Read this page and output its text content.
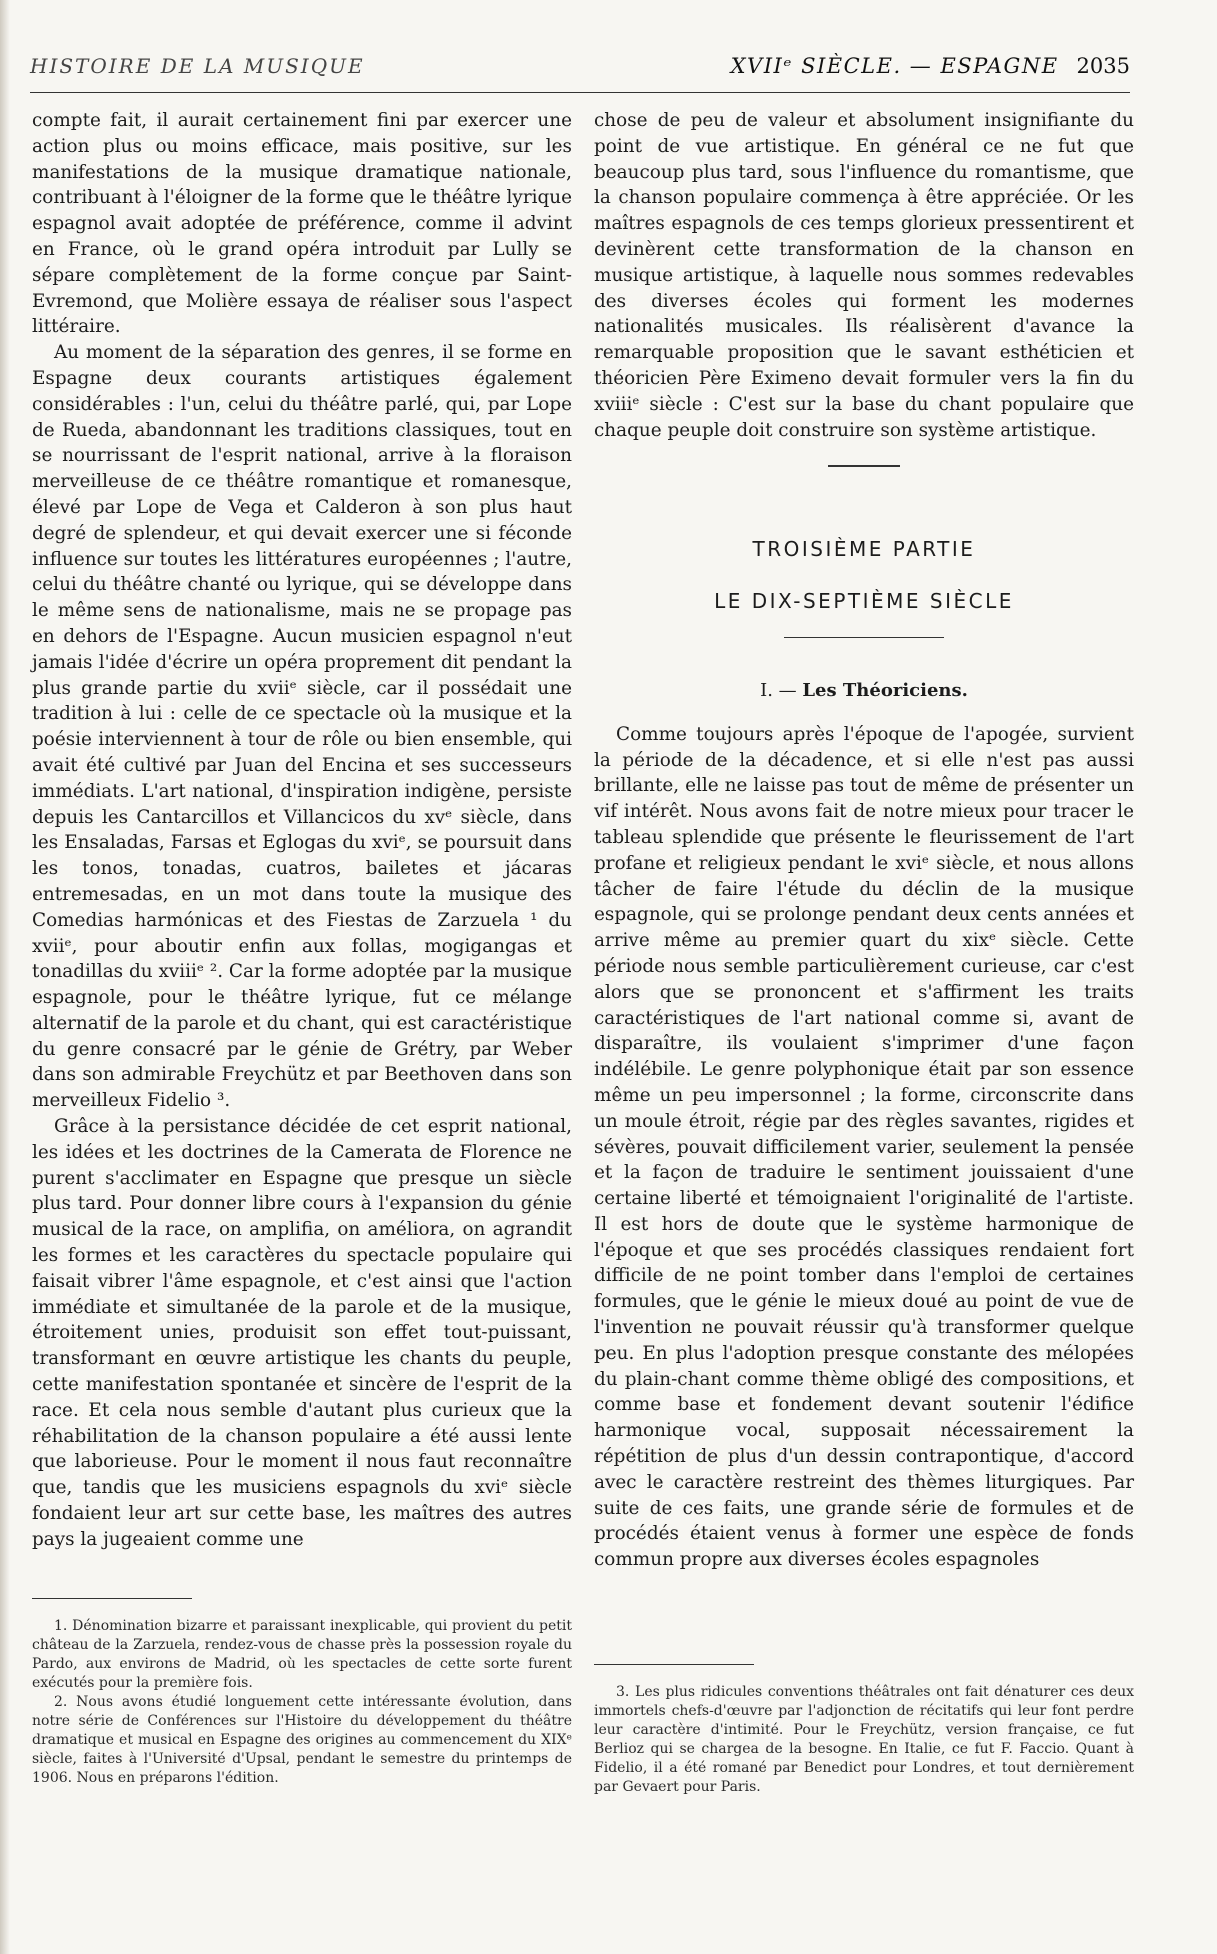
HISTOIRE DE LA MUSIQUE	XVIIᵉ SIÈCLE. — ESPAGNE 2035

compte fait, il aurait certainement fini par exercer une action plus ou moins efficace, mais positive, sur les manifestations de la musique dramatique nationale, contribuant à l'éloigner de la forme que le théâtre lyrique espagnol avait adoptée de préférence, comme il advint en France, où le grand opéra introduit par Lully se sépare complètement de la forme conçue par Saint-Evremond, que Molière essaya de réaliser sous l'aspect littéraire.

Au moment de la séparation des genres, il se forme en Espagne deux courants artistiques également considérables : l'un, celui du théâtre parlé, qui, par Lope de Rueda, abandonnant les traditions classiques, tout en se nourrissant de l'esprit national, arrive à la floraison merveilleuse de ce théâtre romantique et romanesque, élevé par Lope de Vega et Calderon à son plus haut degré de splendeur, et qui devait exercer une si féconde influence sur toutes les littératures européennes ; l'autre, celui du théâtre chanté ou lyrique, qui se développe dans le même sens de nationalisme, mais ne se propage pas en dehors de l'Espagne. Aucun musicien espagnol n'eut jamais l'idée d'écrire un opéra proprement dit pendant la plus grande partie du xviiᵉ siècle, car il possédait une tradition à lui : celle de ce spectacle où la musique et la poésie interviennent à tour de rôle ou bien ensemble, qui avait été cultivé par Juan del Encina et ses successeurs immédiats. L'art national, d'inspiration indigène, persiste depuis les Cantarcillos et Villancicos du xvᵉ siècle, dans les Ensaladas, Farsas et Eglogas du xviᵉ, se poursuit dans les tonos, tonadas, cuatros, bailetes et jácaras entremesadas, en un mot dans toute la musique des Comedias harmónicas et des Fiestas de Zarzuela ¹ du xviiᵉ, pour aboutir enfin aux follas, mogigangas et tonadillas du xviiiᵉ ². Car la forme adoptée par la musique espagnole, pour le théâtre lyrique, fut ce mélange alternatif de la parole et du chant, qui est caractéristique du genre consacré par le génie de Grétry, par Weber dans son admirable Freychütz et par Beethoven dans son merveilleux Fidelio ³.

Grâce à la persistance décidée de cet esprit national, les idées et les doctrines de la Camerata de Florence ne purent s'acclimater en Espagne que presque un siècle plus tard. Pour donner libre cours à l'expansion du génie musical de la race, on amplifia, on améliora, on agrandit les formes et les caractères du spectacle populaire qui faisait vibrer l'âme espagnole, et c'est ainsi que l'action immédiate et simultanée de la parole et de la musique, étroitement unies, produisit son effet tout-puissant, transformant en œuvre artistique les chants du peuple, cette manifestation spontanée et sincère de l'esprit de la race. Et cela nous semble d'autant plus curieux que la réhabilitation de la chanson populaire a été aussi lente que laborieuse. Pour le moment il nous faut reconnaître que, tandis que les musiciens espagnols du xviᵉ siècle fondaient leur art sur cette base, les maîtres des autres pays la jugeaient comme une

chose de peu de valeur et absolument insignifiante du point de vue artistique. En général ce ne fut que beaucoup plus tard, sous l'influence du romantisme, que la chanson populaire commença à être appréciée. Or les maîtres espagnols de ces temps glorieux pressentirent et devinèrent cette transformation de la chanson en musique artistique, à laquelle nous sommes redevables des diverses écoles qui forment les modernes nationalités musicales. Ils réalisèrent d'avance la remarquable proposition que le savant esthéticien et théoricien Père Eximeno devait formuler vers la fin du xviiiᵉ siècle : C'est sur la base du chant populaire que chaque peuple doit construire son système artistique.

TROISIÈME PARTIE
LE DIX-SEPTIÈME SIÈCLE
I. — Les Théoriciens.

Comme toujours après l'époque de l'apogée, survient la période de la décadence, et si elle n'est pas aussi brillante, elle ne laisse pas tout de même de présenter un vif intérêt. Nous avons fait de notre mieux pour tracer le tableau splendide que présente le fleurissement de l'art profane et religieux pendant le xviᵉ siècle, et nous allons tâcher de faire l'étude du déclin de la musique espagnole, qui se prolonge pendant deux cents années et arrive même au premier quart du xixᵉ siècle. Cette période nous semble particulièrement curieuse, car c'est alors que se prononcent et s'affirment les traits caractéristiques de l'art national comme si, avant de disparaître, ils voulaient s'imprimer d'une façon indélébile. Le genre polyphonique était par son essence même un peu impersonnel ; la forme, circonscrite dans un moule étroit, régie par des règles savantes, rigides et sévères, pouvait difficilement varier, seulement la pensée et la façon de traduire le sentiment jouissaient d'une certaine liberté et témoignaient l'originalité de l'artiste. Il est hors de doute que le système harmonique de l'époque et que ses procédés classiques rendaient fort difficile de ne point tomber dans l'emploi de certaines formules, que le génie le mieux doué au point de vue de l'invention ne pouvait réussir qu'à transformer quelque peu. En plus l'adoption presque constante des mélopées du plain-chant comme thème obligé des compositions, et comme base et fondement devant soutenir l'édifice harmonique vocal, supposait nécessairement la répétition de plus d'un dessin contrapontique, d'accord avec le caractère restreint des thèmes liturgiques. Par suite de ces faits, une grande série de formules et de procédés étaient venus à former une espèce de fonds commun propre aux diverses écoles espagnoles

1. Dénomination bizarre et paraissant inexplicable, qui provient du petit château de la Zarzuela, rendez-vous de chasse près la possession royale du Pardo, aux environs de Madrid, où les spectacles de cette sorte furent exécutés pour la première fois.

2. Nous avons étudié longuement cette intéressante évolution, dans notre série de Conférences sur l'Histoire du développement du théâtre dramatique et musical en Espagne des origines au commencement du XIXᵉ siècle, faites à l'Université d'Upsal, pendant le semestre du printemps de 1906. Nous en préparons l'édition.

3. Les plus ridicules conventions théâtrales ont fait dénaturer ces deux immortels chefs-d'œuvre par l'adjonction de récitatifs qui leur font perdre leur caractère d'intimité. Pour le Freychütz, version française, ce fut Berlioz qui se chargea de la besogne. En Italie, ce fut F. Faccio. Quant à Fidelio, il a été romané par Benedict pour Londres, et tout dernièrement par Gevaert pour Paris.
